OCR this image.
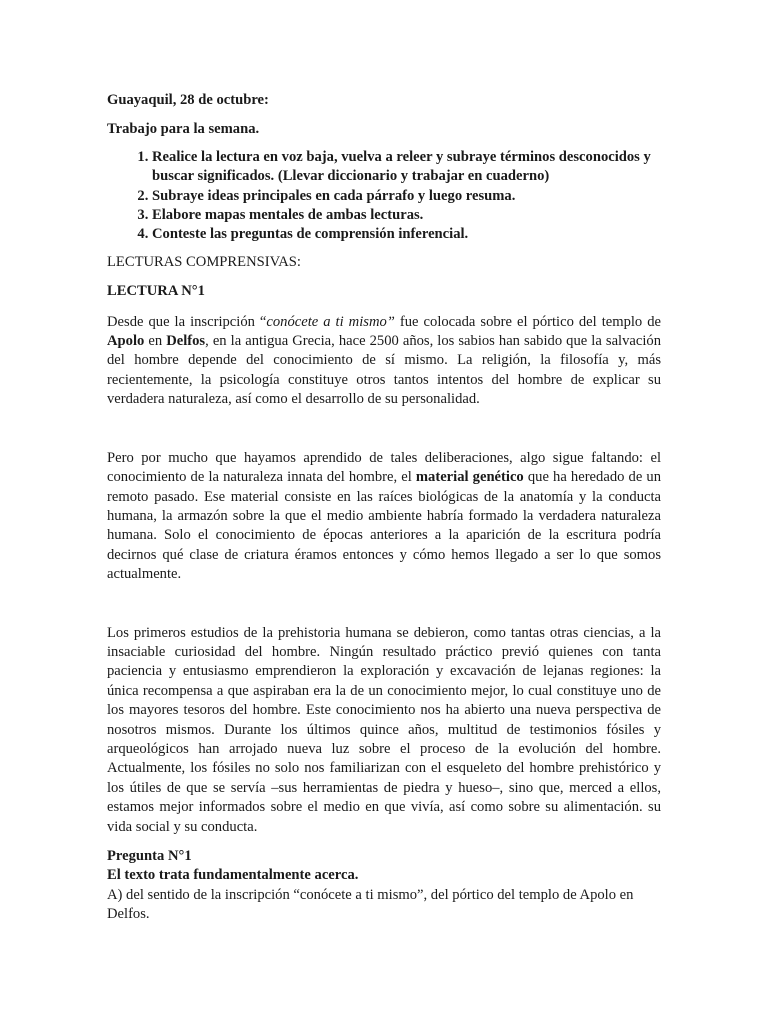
Guayaquil, 28 de octubre:

Trabajo para la semana.

1. Realice la lectura en voz baja, vuelva a releer y subraye términos desconocidos y buscar significados. (Llevar diccionario y trabajar en cuaderno)
2. Subraye ideas principales en cada párrafo y luego resuma.
3. Elabore mapas mentales de ambas lecturas.
4. Conteste las preguntas de comprensión inferencial.

LECTURAS COMPRENSIVAS:

LECTURA N°1

Desde que la inscripción “conócete a ti mismo” fue colocada sobre el pórtico del templo de Apolo en Delfos, en la antigua Grecia, hace 2500 años, los sabios han sabido que la salvación del hombre depende del conocimiento de sí mismo. La religión, la filosofía y, más recientemente, la psicología constituye otros tantos intentos del hombre de explicar su verdadera naturaleza, así como el desarrollo de su personalidad.

Pero por mucho que hayamos aprendido de tales deliberaciones, algo sigue faltando: el conocimiento de la naturaleza innata del hombre, el material genético que ha heredado de un remoto pasado. Ese material consiste en las raíces biológicas de la anatomía y la conducta humana, la armazón sobre la que el medio ambiente habría formado la verdadera naturaleza humana. Solo el conocimiento de épocas anteriores a la aparición de la escritura podría decirnos qué clase de criatura éramos entonces y cómo hemos llegado a ser lo que somos actualmente.

Los primeros estudios de la prehistoria humana se debieron, como tantas otras ciencias, a la insaciable curiosidad del hombre. Ningún resultado práctico previó quienes con tanta paciencia y entusiasmo emprendieron la exploración y excavación de lejanas regiones: la única recompensa a que aspiraban era la de un conocimiento mejor, lo cual constituye uno de los mayores tesoros del hombre. Este conocimiento nos ha abierto una nueva perspectiva de nosotros mismos. Durante los últimos quince años, multitud de testimonios fósiles y arqueológicos han arrojado nueva luz sobre el proceso de la evolución del hombre. Actualmente, los fósiles no solo nos familiarizan con el esqueleto del hombre prehistórico y los útiles de que se servía –sus herramientas de piedra y hueso–, sino que, merced a ellos, estamos mejor informados sobre el medio en que vivía, así como sobre su alimentación. su vida social y su conducta.

Pregunta N°1

El texto trata fundamentalmente acerca.

A) del sentido de la inscripción “conócete a ti mismo”, del pórtico del templo de Apolo en Delfos.
